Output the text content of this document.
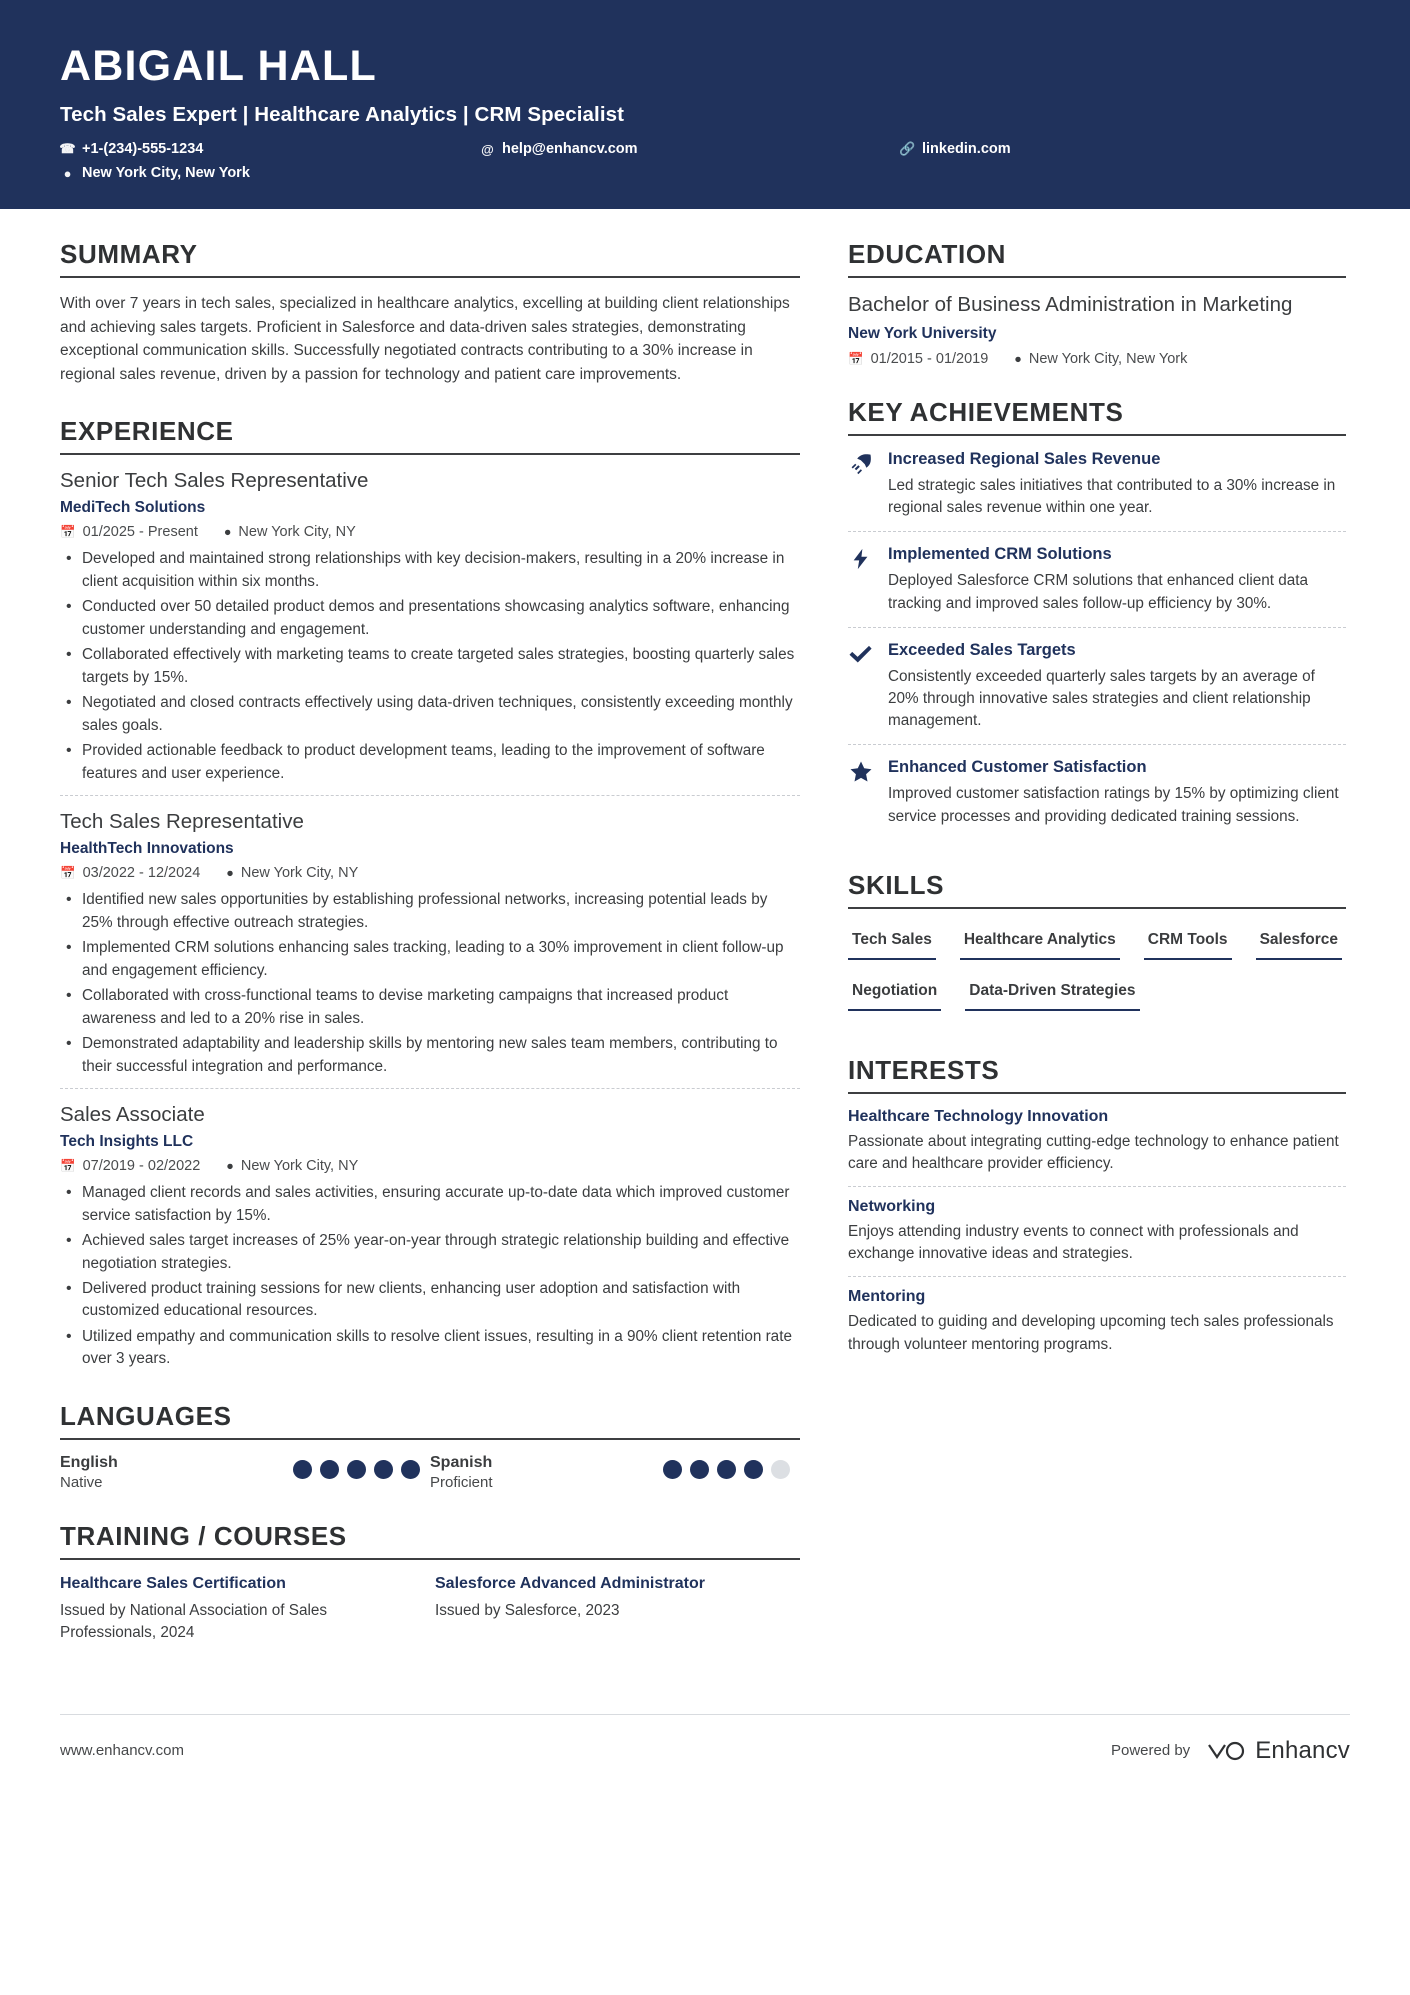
ABIGAIL HALL
Tech Sales Expert | Healthcare Analytics | CRM Specialist
☎ +1-(234)-555-1234	@ help@enhancv.com	🔗 linkedin.com
● New York City, New York
SUMMARY

With over 7 years in tech sales, specialized in healthcare analytics, excelling at building client relationships and achieving sales targets. Proficient in Salesforce and data-driven sales strategies, demonstrating exceptional communication skills. Successfully negotiated contracts contributing to a 30% increase in regional sales revenue, driven by a passion for technology and patient care improvements.

EXPERIENCE
Senior Tech Sales Representative
MediTech Solutions
📅 01/2025 - Present ● New York City, NY
• Developed and maintained strong relationships with key decision-makers, resulting in a 20% increase in client acquisition within six months.
• Conducted over 50 detailed product demos and presentations showcasing analytics software, enhancing customer understanding and engagement.
• Collaborated effectively with marketing teams to create targeted sales strategies, boosting quarterly sales targets by 15%.
• Negotiated and closed contracts effectively using data-driven techniques, consistently exceeding monthly sales goals.
• Provided actionable feedback to product development teams, leading to the improvement of software features and user experience.
Tech Sales Representative
HealthTech Innovations
📅 03/2022 - 12/2024 ● New York City, NY
• Identified new sales opportunities by establishing professional networks, increasing potential leads by 25% through effective outreach strategies.
• Implemented CRM solutions enhancing sales tracking, leading to a 30% improvement in client follow-up and engagement efficiency.
• Collaborated with cross-functional teams to devise marketing campaigns that increased product awareness and led to a 20% rise in sales.
• Demonstrated adaptability and leadership skills by mentoring new sales team members, contributing to their successful integration and performance.
Sales Associate
Tech Insights LLC
📅 07/2019 - 02/2022 ● New York City, NY
• Managed client records and sales activities, ensuring accurate up-to-date data which improved customer service satisfaction by 15%.
• Achieved sales target increases of 25% year-on-year through strategic relationship building and effective negotiation strategies.
• Delivered product training sessions for new clients, enhancing user adoption and satisfaction with customized educational resources.
• Utilized empathy and communication skills to resolve client issues, resulting in a 90% client retention rate over 3 years.
LANGUAGES
English
Native
Spanish
Proficient
TRAINING / COURSES
Healthcare Sales Certification

Issued by National Association of Sales Professionals, 2024

Salesforce Advanced Administrator

Issued by Salesforce, 2023

EDUCATION
Bachelor of Business Administration in Marketing
New York University
📅 01/2015 - 01/2019 ● New York City, New York
KEY ACHIEVEMENTS
Increased Regional Sales Revenue

Led strategic sales initiatives that contributed to a 30% increase in regional sales revenue within one year.

Implemented CRM Solutions

Deployed Salesforce CRM solutions that enhanced client data tracking and improved sales follow-up efficiency by 30%.

Exceeded Sales Targets

Consistently exceeded quarterly sales targets by an average of 20% through innovative sales strategies and client relationship management.

Enhanced Customer Satisfaction

Improved customer satisfaction ratings by 15% by optimizing client service processes and providing dedicated training sessions.

SKILLS
Tech Sales Healthcare Analytics CRM Tools Salesforce
Negotiation Data-Driven Strategies
INTERESTS
Healthcare Technology Innovation

Passionate about integrating cutting-edge technology to enhance patient care and healthcare provider efficiency.

Networking

Enjoys attending industry events to connect with professionals and exchange innovative ideas and strategies.

Mentoring

Dedicated to guiding and developing upcoming tech sales professionals through volunteer mentoring programs.

www.enhancv.com	Powered by	Enhancv
